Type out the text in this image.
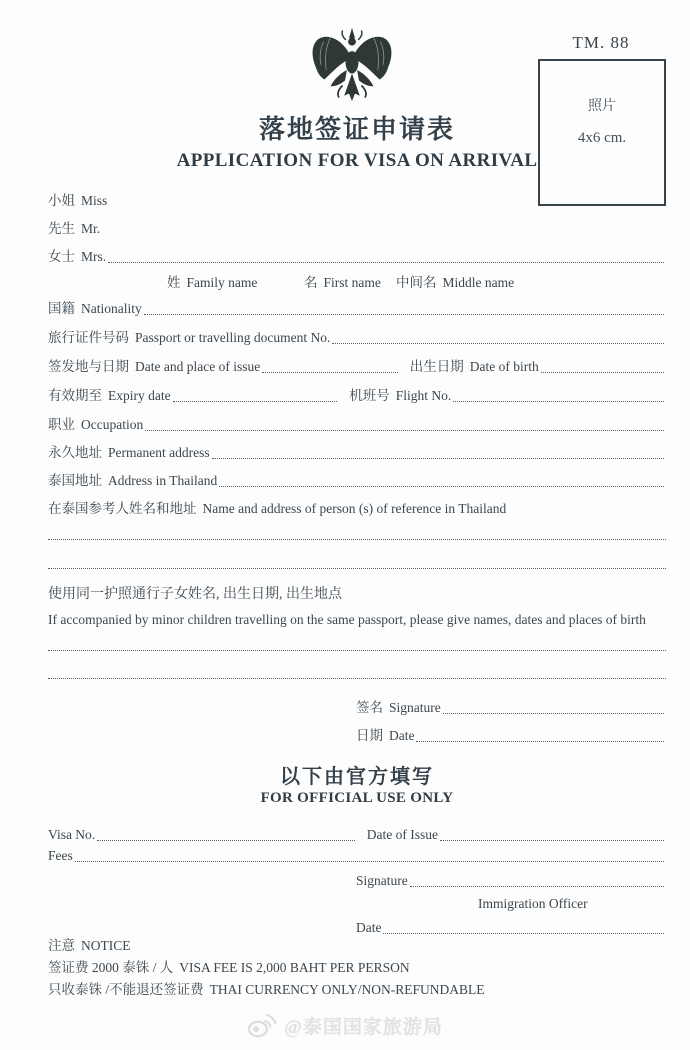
TM. 88
落地签证申请表
APPLICATION FOR VISA ON ARRIVAL
照片
4x6 cm.
小姐 Miss
先生 Mr.
女士 Mrs.
姓 Family name	名 First name 中间名 Middle name
国籍 Nationality
旅行证件号码 Passport or travelling document No.
签发地与日期 Date and place of issue	出生日期 Date of birth
有效期至 Expiry date	机班号 Flight No.
职业 Occupation
永久地址 Permanent address
泰国地址 Address in Thailand
在泰国参考人姓名和地址 Name and address of person (s) of reference in Thailand
使用同一护照通行子女姓名, 出生日期, 出生地点
If accompanied by minor children travelling on the same passport, please give names, dates and places of birth
签名 Signature
日期 Date
以下由官方填写
FOR OFFICIAL USE ONLY
Visa No.	Date of Issue
Fees
Signature
Immigration Officer
Date
注意 NOTICE
签证费 2000 泰铢 / 人 VISA FEE IS 2,000 BAHT PER PERSON
只收泰铢 /不能退还签证费 THAI CURRENCY ONLY/NON-REFUNDABLE
@泰国国家旅游局
